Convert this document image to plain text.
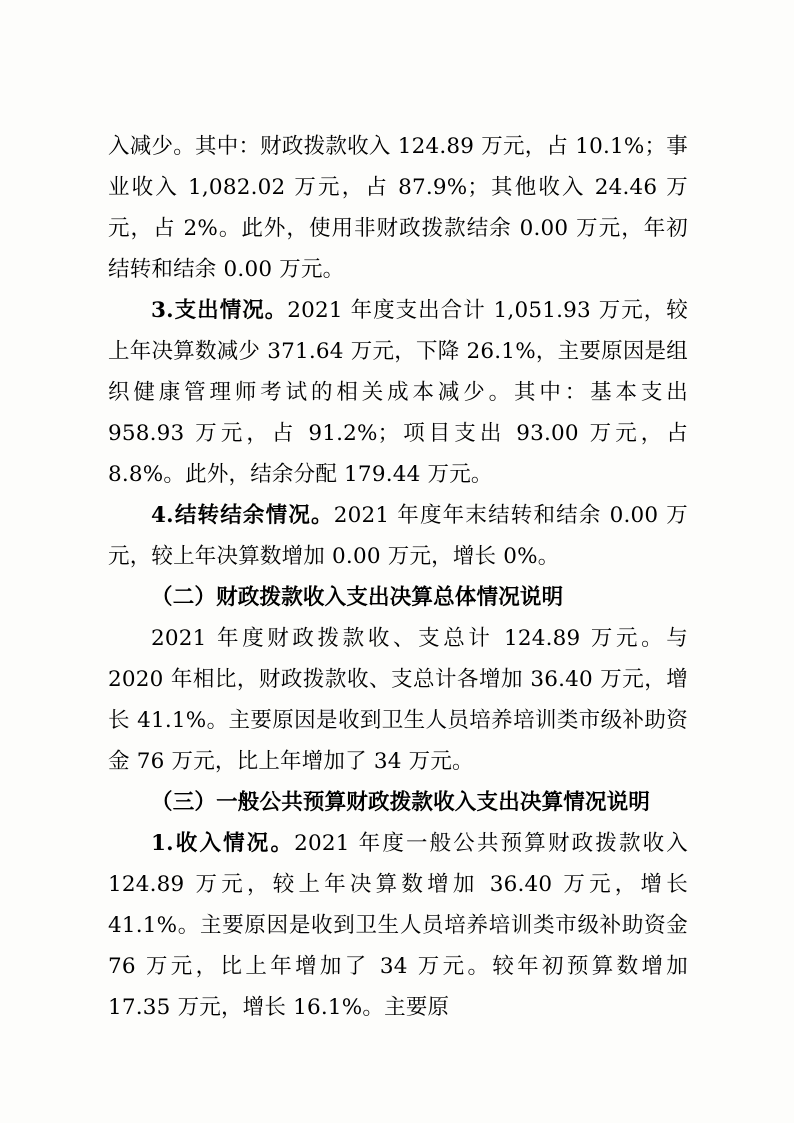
入减少。其中：财政拨款收入 124.89 万元，占 10.1%；事业收入 1,082.02 万元，占 87.9%；其他收入 24.46 万元，占 2%。此外，使用非财政拨款结余 0.00 万元，年初结转和结余 0.00 万元。

3.支出情况。2021 年度支出合计 1,051.93 万元，较上年决算数减少 371.64 万元，下降 26.1%，主要原因是组织健康管理师考试的相关成本减少。其中：基本支出 958.93 万元，占 91.2%；项目支出 93.00 万元，占 8.8%。此外，结余分配 179.44 万元。

4.结转结余情况。2021 年度年末结转和结余 0.00 万元，较上年决算数增加 0.00 万元，增长 0%。

（二）财政拨款收入支出决算总体情况说明

2021 年度财政拨款收、支总计 124.89 万元。与 2020 年相比，财政拨款收、支总计各增加 36.40 万元，增长 41.1%。主要原因是收到卫生人员培养培训类市级补助资金 76 万元，比上年增加了 34 万元。

（三）一般公共预算财政拨款收入支出决算情况说明

1.收入情况。2021 年度一般公共预算财政拨款收入 124.89 万元，较上年决算数增加 36.40 万元，增长 41.1%。主要原因是收到卫生人员培养培训类市级补助资金 76 万元，比上年增加了 34 万元。较年初预算数增加 17.35 万元，增长 16.1%。主要原
